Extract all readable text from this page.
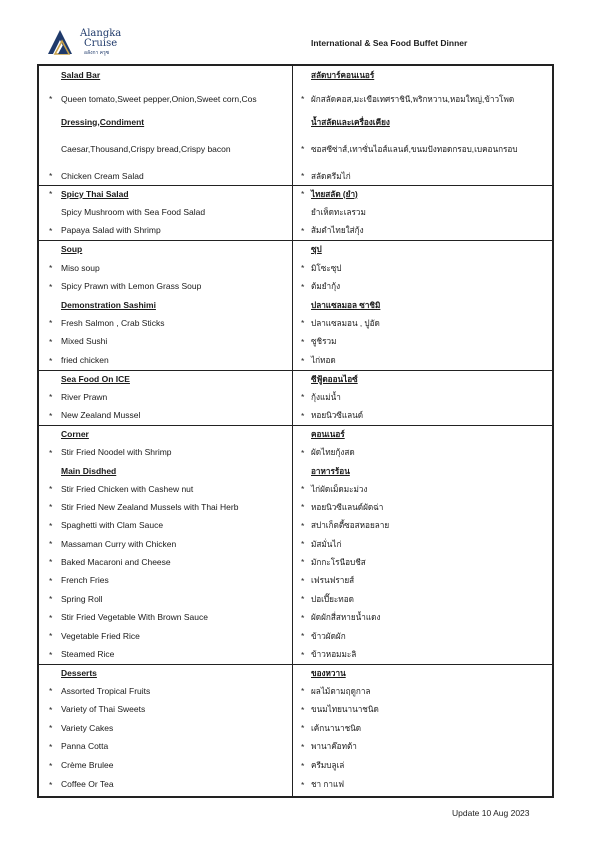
Alangka
Cruise
อลังกา ครูซ
International & Sea Food Buffet Dinner
Salad Bar	สลัดบาร์คอนเนอร์
* Queen tomato,Sweet pepper,Onion,Sweet corn,Cos	* ผักสลัดคอส,มะเขือเทศราชินี,พริกหวาน,หอมใหญ่,ข้าวโพด
Dressing,Condiment	น้ำสลัดและเครื่องเคียง
Caesar,Thousand,Crispy bread,Crispy bacon	* ซอสซีซ่าส์,เทาซั่นไอส์แลนด์,ขนมปังทอดกรอบ,เบคอนกรอบ
* Chicken Cream Salad	* สลัดครีมไก่
* Spicy Thai Salad	* ไทยสลัด (ยำ)
Spicy Mushroom with Sea Food Salad	ยำเห็ดทะเลรวม
* Papaya Salad with Shrimp	* ส้มตำไทยใส่กุ้ง
Soup	ซุป
* Miso soup	* มิโซะซุป
* Spicy Prawn with Lemon Grass Soup	* ต้มยำกุ้ง
Demonstration Sashimi	ปลาแซลมอล ซาชิมิ
* Fresh Salmon , Crab Sticks	* ปลาแซลมอน , ปูอัด
* Mixed Sushi	* ซูชิรวม
* fried chicken	* ไก่ทอด
Sea Food On ICE	ซีฟู้ดออนไอซ์
* River Prawn	* กุ้งแม่น้ำ
* New Zealand Mussel	* หอยนิวซีแลนด์
Corner	คอนเนอร์
* Stir Fried Noodel with Shrimp	* ผัดไทยกุ้งสด
Main Disdhed	อาหารร้อน
* Stir Fried Chicken with Cashew nut	* ไก่ผัดเม็ดมะม่วง
* Stir Fried New Zealand Mussels with Thai Herb	* หอยนิวซีแลนด์ผัดฉ่า
* Spaghetti with Clam Sauce	* สปาเก็ตตี้ซอสหอยลาย
* Massaman Curry with Chicken	* มัสมั่นไก่
* Baked Macaroni and Cheese	* มักกะโรนีอบชีส
* French Fries	* เฟรนฟรายส์
* Spring Roll	* ปอเปี๊ยะทอด
* Stir Fried Vegetable With Brown Sauce	* ผัดผักสี่สหายน้ำแดง
* Vegetable Fried Rice	* ข้าวผัดผัก
* Steamed Rice	* ข้าวหอมมะลิ
Desserts	ของหวาน
* Assorted Tropical Fruits	* ผลไม้ตามฤดูกาล
* Variety of Thai Sweets	* ขนมไทยนานาชนิด
* Variety Cakes	* เค้กนานาชนิด
* Panna Cotta	* พานาค๊อทต้า
* Crème Brulee	* ครีมบลูเล่
* Coffee Or Tea	* ชา กาแฟ
Update 10 Aug 2023
